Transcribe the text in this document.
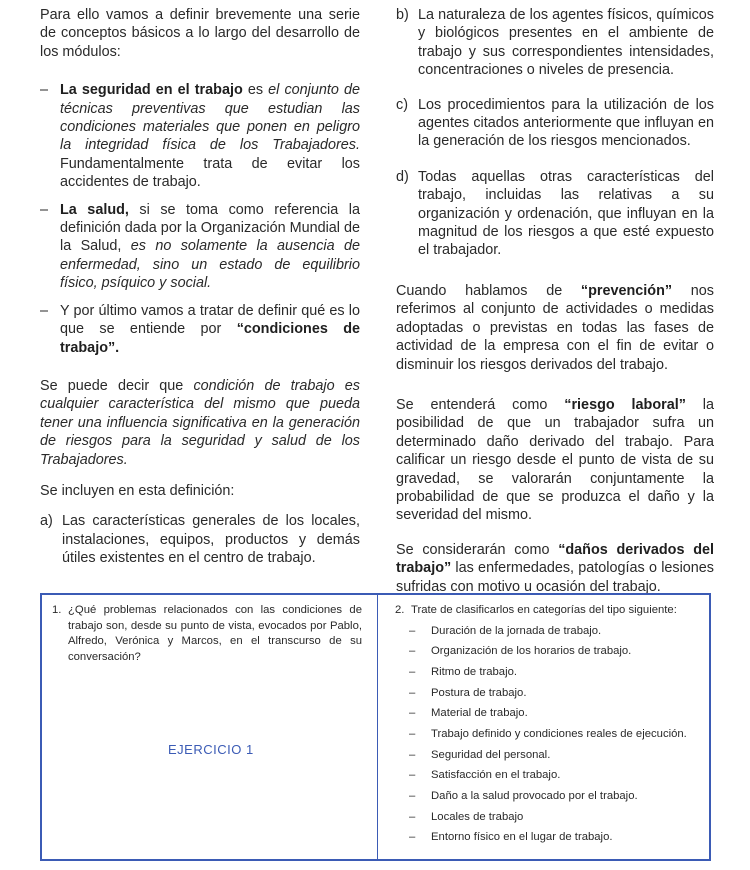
Para ello vamos a definir brevemente una serie de conceptos básicos a lo largo del desarrollo de los módulos:

– La seguridad en el trabajo es el conjunto de técnicas preventivas que estudian las condiciones materiales que ponen en peligro la integridad física de los Trabajadores. Fundamentalmente trata de evitar los accidentes de trabajo.
– La salud, si se toma como referencia la definición dada por la Organización Mundial de la Salud, es no solamente la ausencia de enfermedad, sino un estado de equilibrio físico, psíquico y social.
– Y por último vamos a tratar de definir qué es lo que se entiende por “condiciones de trabajo”.

Se puede decir que condición de trabajo es cualquier característica del mismo que pueda tener una influencia significativa en la generación de riesgos para la seguridad y salud de los Trabajadores.

Se incluyen en esta definición:

a) Las características generales de los locales, instalaciones, equipos, productos y demás útiles existentes en el centro de trabajo.
b) La naturaleza de los agentes físicos, químicos y biológicos presentes en el ambiente de trabajo y sus correspondientes intensidades, concentraciones o niveles de presencia.
c) Los procedimientos para la utilización de los agentes citados anteriormente que influyan en la generación de los riesgos mencionados.
d) Todas aquellas otras características del trabajo, incluidas las relativas a su organización y ordenación, que influyan en la magnitud de los riesgos a que esté expuesto el trabajador.

Cuando hablamos de “prevención” nos referimos al conjunto de actividades o medidas adoptadas o previstas en todas las fases de actividad de la empresa con el fin de evitar o disminuir los riesgos derivados del trabajo.

Se entenderá como “riesgo laboral” la posibilidad de que un trabajador sufra un determinado daño derivado del trabajo. Para calificar un riesgo desde el punto de vista de su gravedad, se valorarán conjuntamente la probabilidad de que se produzca el daño y la severidad del mismo.

Se considerarán como “daños derivados del trabajo” las enfermedades, patologías o lesiones sufridas con motivo u ocasión del trabajo.

1. ¿Qué problemas relacionados con las condiciones de trabajo son, desde su punto de vista, evocados por Pablo, Alfredo, Verónica y Marcos, en el transcurso de su conversación?
EJERCICIO 1
2. Trate de clasificarlos en categorías del tipo siguiente:
–	Duración de la jornada de trabajo.
–	Organización de los horarios de trabajo.
–	Ritmo de trabajo.
–	Postura de trabajo.
–	Material de trabajo.
–	Trabajo definido y condiciones reales de ejecución.
–	Seguridad del personal.
–	Satisfacción en el trabajo.
–	Daño a la salud provocado por el trabajo.
–	Locales de trabajo
–	Entorno físico en el lugar de trabajo.
